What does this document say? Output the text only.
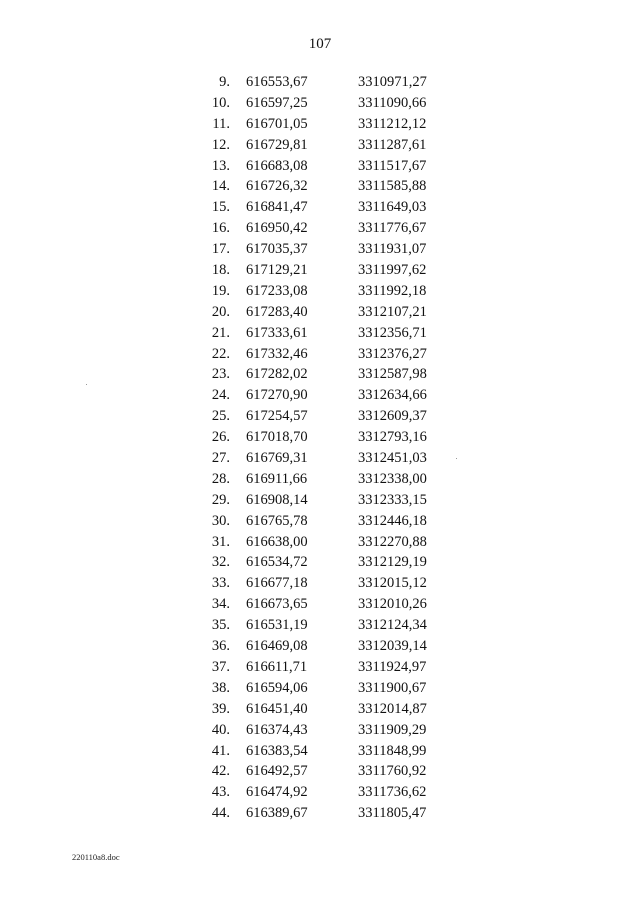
107
9. 616553,67	3310971,27
10. 616597,25	3311090,66
11. 616701,05	3311212,12
12. 616729,81	3311287,61
13. 616683,08	3311517,67
14. 616726,32	3311585,88
15. 616841,47	3311649,03
16. 616950,42	3311776,67
17. 617035,37	3311931,07
18. 617129,21	3311997,62
19. 617233,08	3311992,18
20. 617283,40	3312107,21
21. 617333,61	3312356,71
22. 617332,46	3312376,27
23. 617282,02	3312587,98
24. 617270,90	3312634,66
25. 617254,57	3312609,37
26. 617018,70	3312793,16
27. 616769,31	3312451,03
28. 616911,66	3312338,00
29. 616908,14	3312333,15
30. 616765,78	3312446,18
31. 616638,00	3312270,88
32. 616534,72	3312129,19
33. 616677,18	3312015,12
34. 616673,65	3312010,26
35. 616531,19	3312124,34
36. 616469,08	3312039,14
37. 616611,71	3311924,97
38. 616594,06	3311900,67
39. 616451,40	3312014,87
40. 616374,43	3311909,29
41. 616383,54	3311848,99
42. 616492,57	3311760,92
43. 616474,92	3311736,62
44. 616389,67	3311805,47
220110a8.doc
